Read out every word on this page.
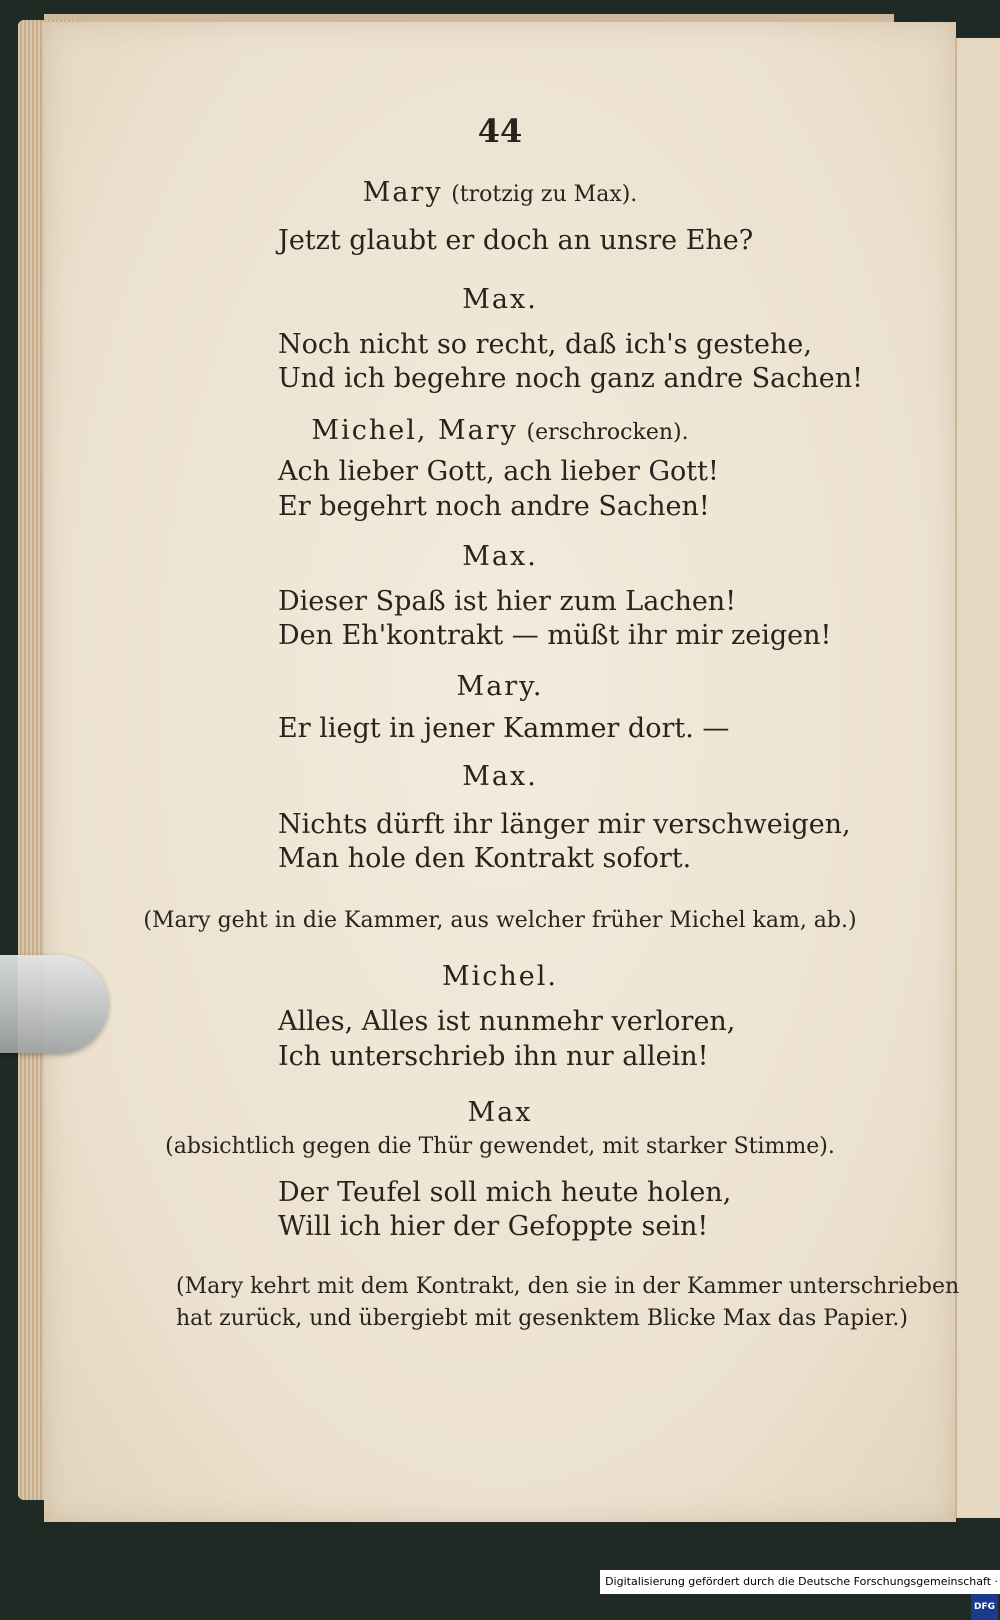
44
Mary (trotzig zu Max).
Jetzt glaubt er doch an unsre Ehe?
Max.
Noch nicht so recht, daß ich's gestehe,
Und ich begehre noch ganz andre Sachen!
Michel, Mary (erschrocken).
Ach lieber Gott, ach lieber Gott!
Er begehrt noch andre Sachen!
Max.
Dieser Spaß ist hier zum Lachen!
Den Eh'kontrakt — müßt ihr mir zeigen!
Mary.
Er liegt in jener Kammer dort. —
Max.
Nichts dürft ihr länger mir verschweigen,
Man hole den Kontrakt sofort.
(Mary geht in die Kammer, aus welcher früher Michel kam, ab.)
Michel.
Alles, Alles ist nunmehr verloren,
Ich unterschrieb ihn nur allein!
Max
(absichtlich gegen die Thür gewendet, mit starker Stimme).
Der Teufel soll mich heute holen,
Will ich hier der Gefoppte sein!
(Mary kehrt mit dem Kontrakt, den sie in der Kammer unterschrieben
hat zurück, und übergiebt mit gesenktem Blicke Max das Papier.)
Digitalisierung gefördert durch die Deutsche Forschungsgemeinschaft ·DFG
